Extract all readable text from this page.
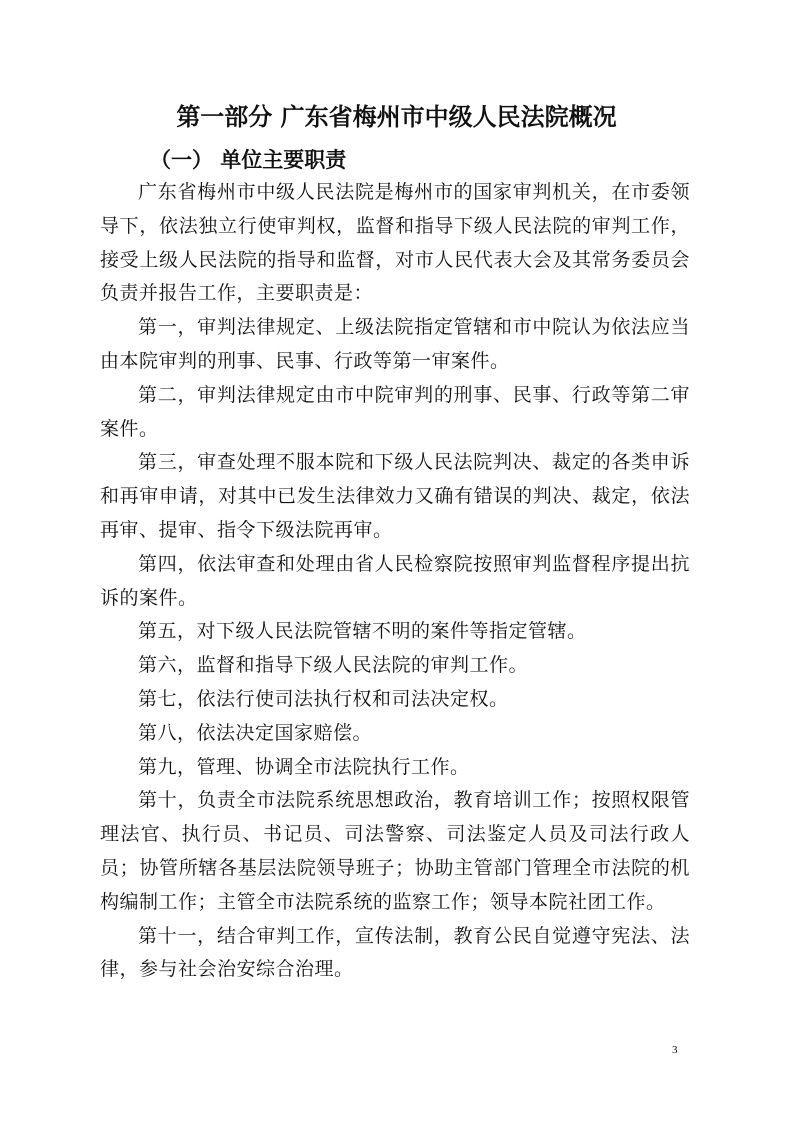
第一部分 广东省梅州市中级人民法院概况
（一） 单位主要职责

广东省梅州市中级人民法院是梅州市的国家审判机关，在市委领导下，依法独立行使审判权，监督和指导下级人民法院的审判工作，接受上级人民法院的指导和监督，对市人民代表大会及其常务委员会负责并报告工作，主要职责是：

第一，审判法律规定、上级法院指定管辖和市中院认为依法应当由本院审判的刑事、民事、行政等第一审案件。

第二，审判法律规定由市中院审判的刑事、民事、行政等第二审案件。

第三，审查处理不服本院和下级人民法院判决、裁定的各类申诉和再审申请，对其中已发生法律效力又确有错误的判决、裁定，依法再审、提审、指令下级法院再审。

第四，依法审查和处理由省人民检察院按照审判监督程序提出抗诉的案件。

第五，对下级人民法院管辖不明的案件等指定管辖。

第六，监督和指导下级人民法院的审判工作。

第七，依法行使司法执行权和司法决定权。

第八，依法决定国家赔偿。

第九，管理、协调全市法院执行工作。

第十，负责全市法院系统思想政治，教育培训工作；按照权限管理法官、执行员、书记员、司法警察、司法鉴定人员及司法行政人员；协管所辖各基层法院领导班子；协助主管部门管理全市法院的机构编制工作；主管全市法院系统的监察工作；领导本院社团工作。

第十一，结合审判工作，宣传法制，教育公民自觉遵守宪法、法律，参与社会治安综合治理。

3
